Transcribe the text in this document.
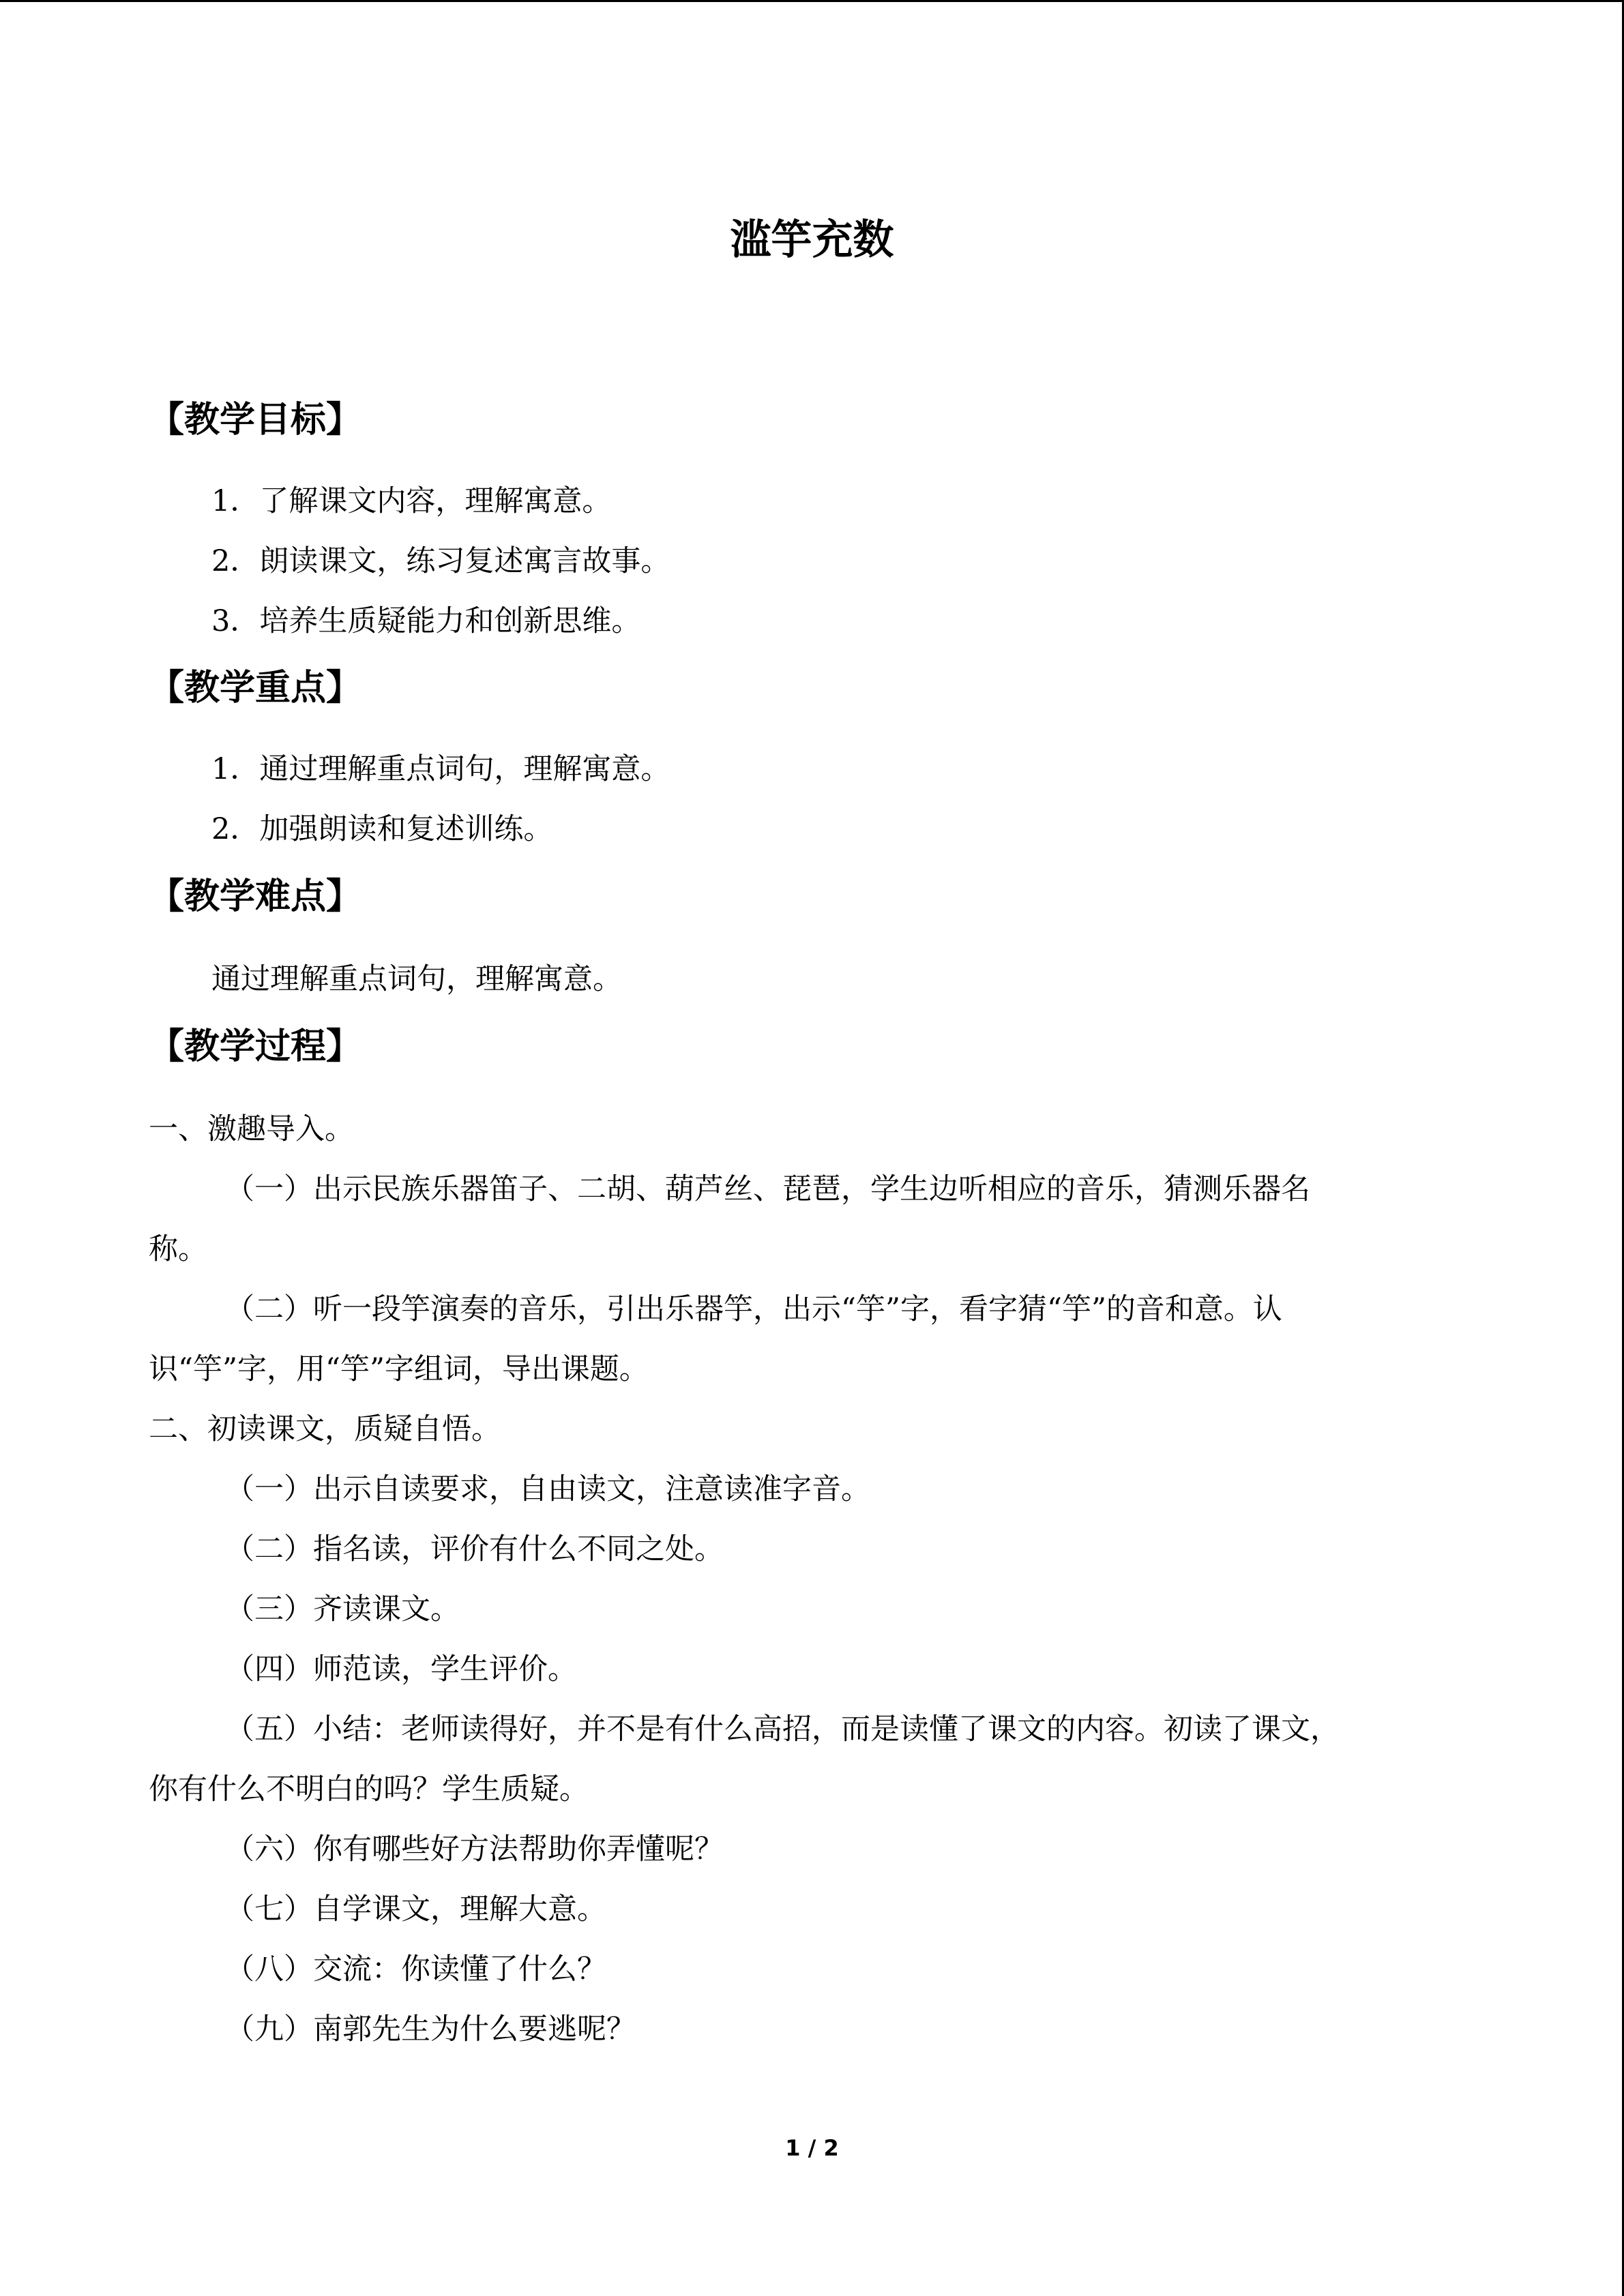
滥竽充数
【教学目标】
1．了解课文内容，理解寓意。
2．朗读课文，练习复述寓言故事。
3．培养生质疑能力和创新思维。
【教学重点】
1．通过理解重点词句，理解寓意。
2．加强朗读和复述训练。
【教学难点】
通过理解重点词句，理解寓意。
【教学过程】
一、激趣导入。
（一）出示民族乐器笛子、二胡、葫芦丝、琵琶，学生边听相应的音乐，猜测乐器名
称。
（二）听一段竽演奏的音乐，引出乐器竽，出示“竽”字，看字猜“竽”的音和意。认
识“竽”字，用“竽”字组词，导出课题。
二、初读课文，质疑自悟。
（一）出示自读要求，自由读文，注意读准字音。
（二）指名读，评价有什么不同之处。
（三）齐读课文。
（四）师范读，学生评价。
（五）小结：老师读得好，并不是有什么高招，而是读懂了课文的内容。初读了课文，
你有什么不明白的吗？学生质疑。
（六）你有哪些好方法帮助你弄懂呢？
（七）自学课文，理解大意。
（八）交流：你读懂了什么？
（九）南郭先生为什么要逃呢？
1 / 2
